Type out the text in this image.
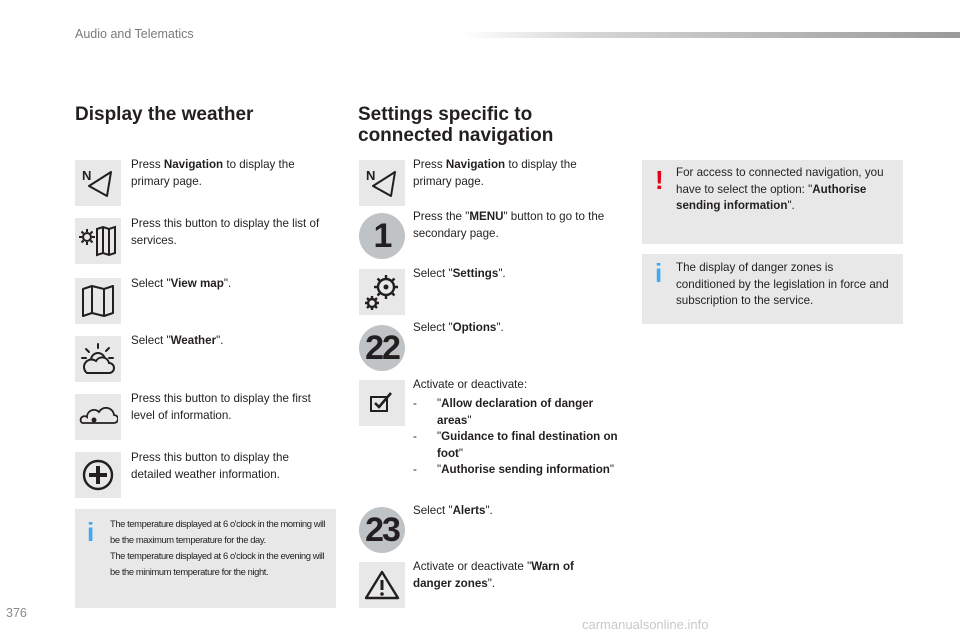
Audio and Telematics
Display the weather
N
Press Navigation to display the primary page.
Press this button to display the list of services.
Select "View map".
Select "Weather".
Press this button to display the first level of information.
Press this button to display the detailed weather information.
i The temperature displayed at 6 o'clock in the morning will be the maximum temperature for the day.
The temperature displayed at 6 o'clock in the evening will be the minimum temperature for the night.
Settings specific to
connected navigation
N
Press Navigation to display the primary page.
1	Press the "MENU" button to go to the secondary page.
Select "Settings".
22
Select "Options".
Activate or deactivate:
- "Allow declaration of danger areas"
- "Guidance to final destination on foot"
- "Authorise sending information"
23	Select "Alerts".
Activate or deactivate "Warn of danger zones".
! For access to connected navigation, you have to select the option: "Authorise sending information".
i The display of danger zones is conditioned by the legislation in force and subscription to the service.
376
carmanualsonline.info
